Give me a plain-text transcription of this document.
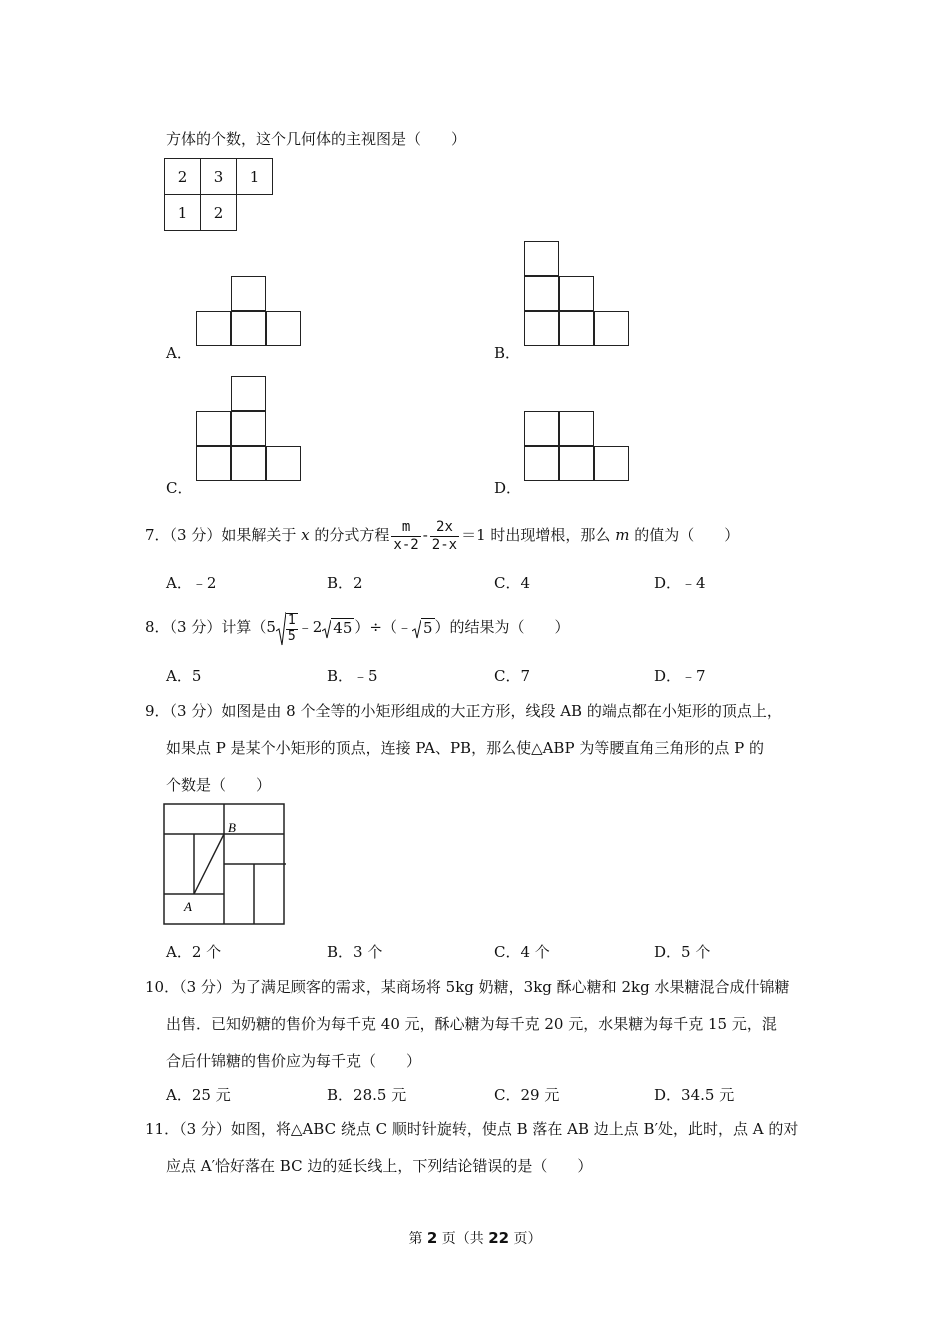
方体的个数，这个几何体的主视图是（　　）
2	3	1
1	2	
A．	B．
C．	D．
7．（3 分）如果解关于 x 的分式方程 $\frac{m}{x-2} - \frac{2x}{2-x} =1$ 时出现增根，那么 m 的值为（　　）
A．﹣2	B．2	C．4	D．﹣4
8．（3 分）计算（$5 \frac{1}{5}$ ﹣2 45 ）÷（﹣ 5 ）的结果为（　　）
A．5	B．﹣5	C．7	D．﹣7
9．（3 分）如图是由 8 个全等的小矩形组成的大正方形，线段 AB 的端点都在小矩形的顶点上，
如果点 P 是某个小矩形的顶点，连接 PA、PB，那么使△ABP 为等腰直角三角形的点 P 的
个数是（　　）
A
B
A．2 个	B．3 个	C．4 个	D．5 个
10．（3 分）为了满足顾客的需求，某商场将 5kg 奶糖，3kg 酥心糖和 2kg 水果糖混合成什锦糖
出售．已知奶糖的售价为每千克 40 元，酥心糖为每千克 20 元，水果糖为每千克 15 元，混
合后什锦糖的售价应为每千克（　　）
A．25 元	B．28.5 元	C．29 元	D．34.5 元
11．（3 分）如图，将△ABC 绕点 C 顺时针旋转，使点 B 落在 AB 边上点 B′处，此时，点 A 的对
应点 A′恰好落在 BC 边的延长线上，下列结论错误的是（　　）
第 2 页（共 22 页）
